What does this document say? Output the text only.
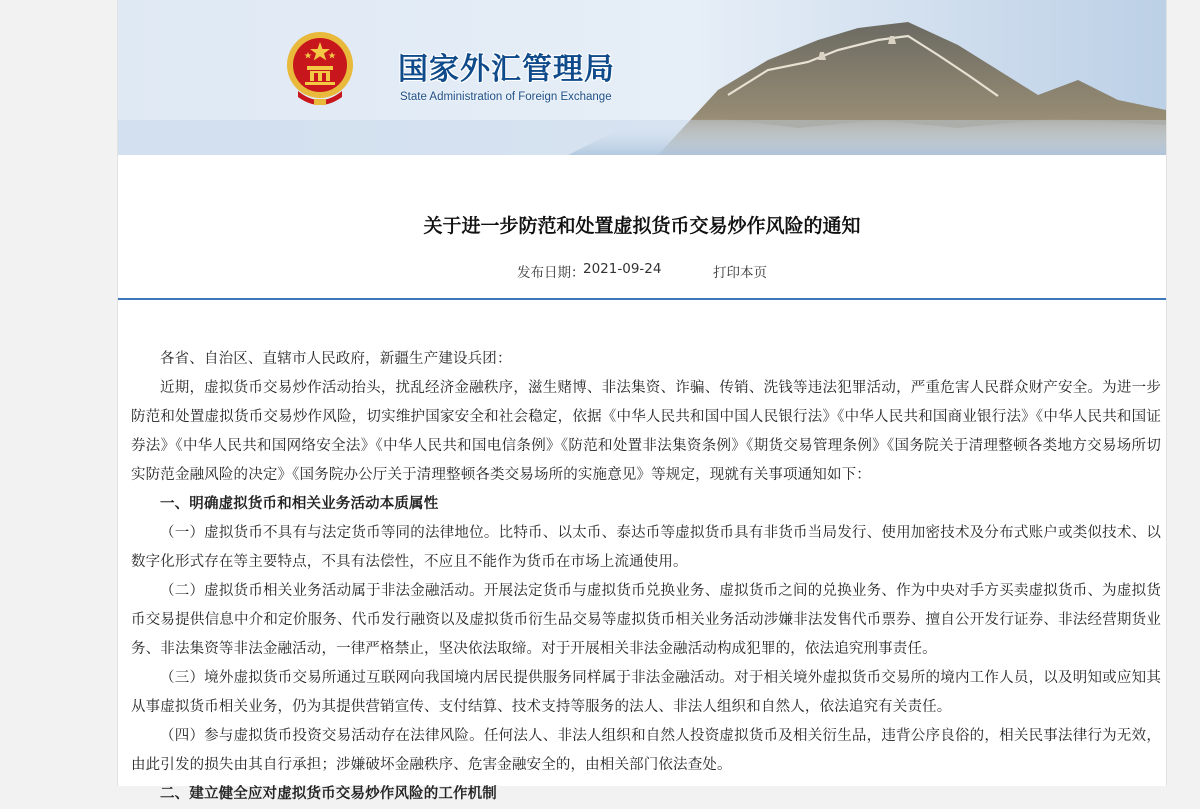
国家外汇管理局
State Administration of Foreign Exchange
关于进一步防范和处置虚拟货币交易炒作风险的通知
发布日期：
2021-09-24	打印本页

各省、自治区、直辖市人民政府，新疆生产建设兵团：

近期，虚拟货币交易炒作活动抬头，扰乱经济金融秩序，滋生赌博、非法集资、诈骗、传销、洗钱等违法犯罪活动，严重危害人民群众财产安全。为进一步防范和处置虚拟货币交易炒作风险，切实维护国家安全和社会稳定，依据《中华人民共和国中国人民银行法》《中华人民共和国商业银行法》《中华人民共和国证券法》《中华人民共和国网络安全法》《中华人民共和国电信条例》《防范和处置非法集资条例》《期货交易管理条例》《国务院关于清理整顿各类地方交易场所切实防范金融风险的决定》《国务院办公厅关于清理整顿各类交易场所的实施意见》等规定，现就有关事项通知如下：

一、明确虚拟货币和相关业务活动本质属性

（一）虚拟货币不具有与法定货币等同的法律地位。比特币、以太币、泰达币等虚拟货币具有非货币当局发行、使用加密技术及分布式账户或类似技术、以数字化形式存在等主要特点，不具有法偿性，不应且不能作为货币在市场上流通使用。

（二）虚拟货币相关业务活动属于非法金融活动。开展法定货币与虚拟货币兑换业务、虚拟货币之间的兑换业务、作为中央对手方买卖虚拟货币、为虚拟货币交易提供信息中介和定价服务、代币发行融资以及虚拟货币衍生品交易等虚拟货币相关业务活动涉嫌非法发售代币票券、擅自公开发行证券、非法经营期货业务、非法集资等非法金融活动，一律严格禁止，坚决依法取缔。对于开展相关非法金融活动构成犯罪的，依法追究刑事责任。

（三）境外虚拟货币交易所通过互联网向我国境内居民提供服务同样属于非法金融活动。对于相关境外虚拟货币交易所的境内工作人员，以及明知或应知其从事虚拟货币相关业务，仍为其提供营销宣传、支付结算、技术支持等服务的法人、非法人组织和自然人，依法追究有关责任。

（四）参与虚拟货币投资交易活动存在法律风险。任何法人、非法人组织和自然人投资虚拟货币及相关衍生品，违背公序良俗的，相关民事法律行为无效，由此引发的损失由其自行承担；涉嫌破坏金融秩序、危害金融安全的，由相关部门依法查处。

二、建立健全应对虚拟货币交易炒作风险的工作机制
